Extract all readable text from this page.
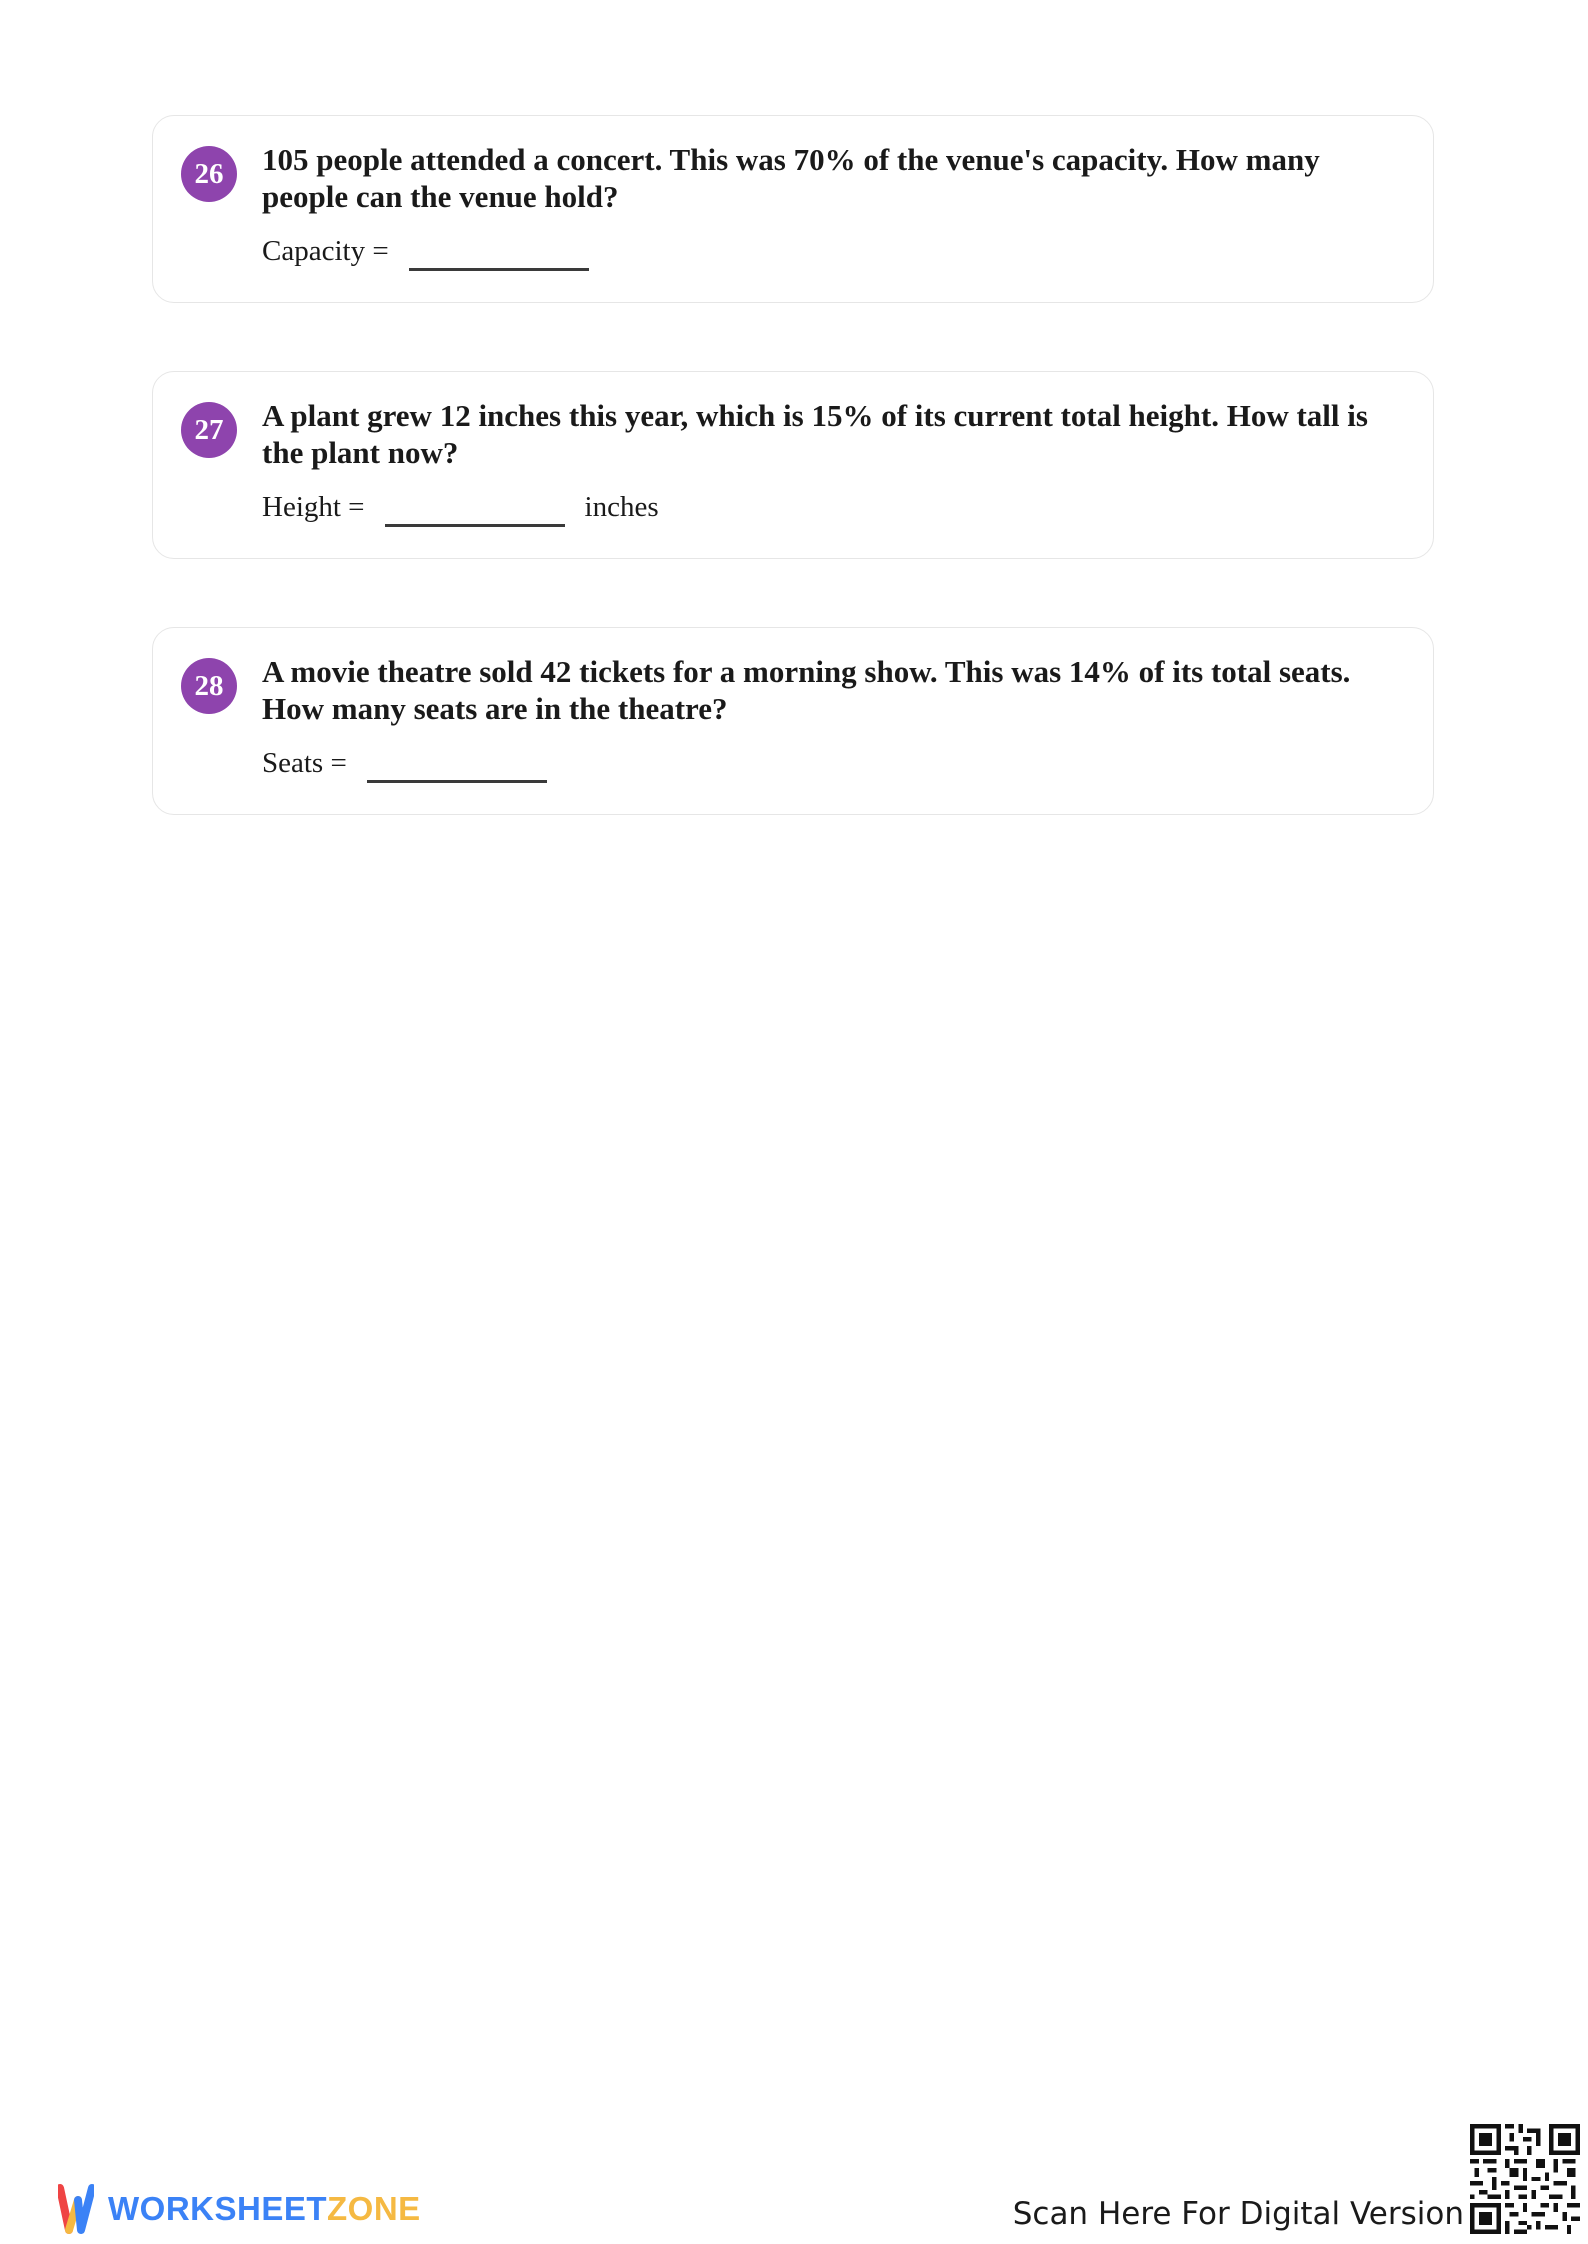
26	105 people attended a concert. This was 70% of the venue's capacity. How many people can the venue hold?

Capacity =
27	A plant grew 12 inches this year, which is 15% of its current total height. How tall is the plant now?

Height =	inches
28	A movie theatre sold 42 tickets for a morning show. This was 14% of its total seats. How many seats are in the theatre?

Seats =
WORKSHEETZONE	Scan Here For Digital Version
